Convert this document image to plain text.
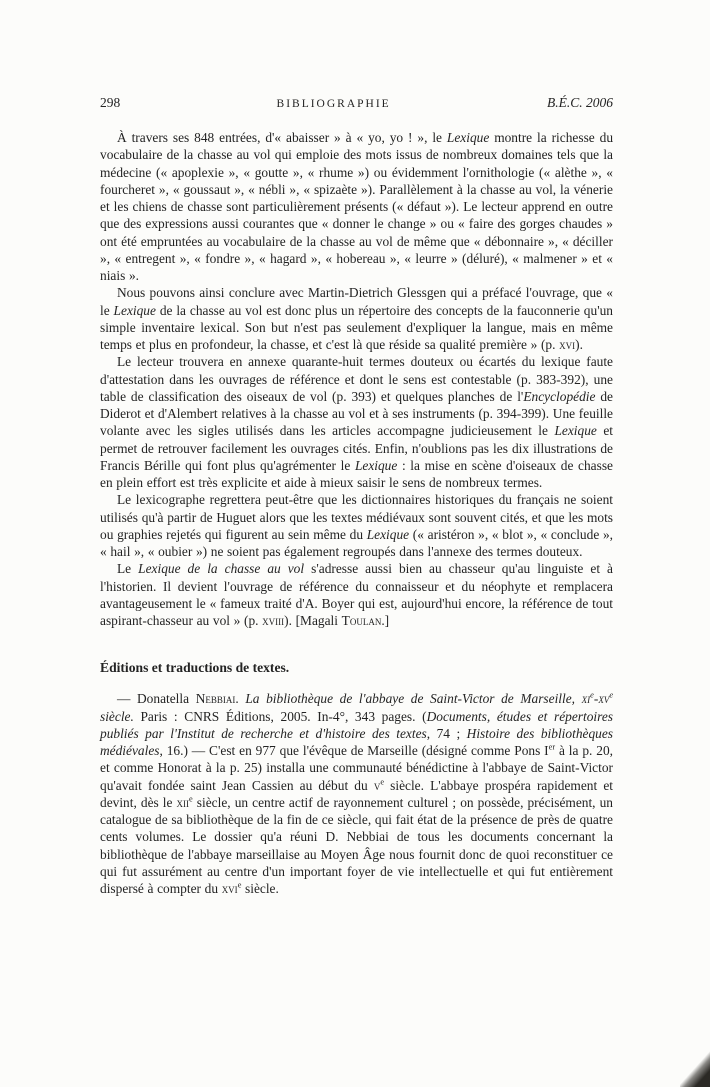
298	BIBLIOGRAPHIE	B.É.C. 2006

À travers ses 848 entrées, d'« abaisser » à « yo, yo ! », le Lexique montre la richesse du vocabulaire de la chasse au vol qui emploie des mots issus de nombreux domaines tels que la médecine (« apoplexie », « goutte », « rhume ») ou évidemment l'ornithologie (« alèthe », « fourcheret », « goussaut », « nébli », « spizaète »). Parallèlement à la chasse au vol, la vénerie et les chiens de chasse sont particulièrement présents (« défaut »). Le lecteur apprend en outre que des expressions aussi courantes que « donner le change » ou « faire des gorges chaudes » ont été empruntées au vocabulaire de la chasse au vol de même que « débonnaire », « déciller », « entregent », « fondre », « hagard », « hobereau », « leurre » (déluré), « malmener » et « niais ».

Nous pouvons ainsi conclure avec Martin-Dietrich Glessgen qui a préfacé l'ouvrage, que « le Lexique de la chasse au vol est donc plus un répertoire des concepts de la fauconnerie qu'un simple inventaire lexical. Son but n'est pas seulement d'expliquer la langue, mais en même temps et plus en profondeur, la chasse, et c'est là que réside sa qualité première » (p. xvi).

Le lecteur trouvera en annexe quarante-huit termes douteux ou écartés du lexique faute d'attestation dans les ouvrages de référence et dont le sens est contestable (p. 383-392), une table de classification des oiseaux de vol (p. 393) et quelques planches de l'Encyclopédie de Diderot et d'Alembert relatives à la chasse au vol et à ses instruments (p. 394-399). Une feuille volante avec les sigles utilisés dans les articles accompagne judicieusement le Lexique et permet de retrouver facilement les ouvrages cités. Enfin, n'oublions pas les dix illustrations de Francis Bérille qui font plus qu'agrémenter le Lexique : la mise en scène d'oiseaux de chasse en plein effort est très explicite et aide à mieux saisir le sens de nombreux termes.

Le lexicographe regrettera peut-être que les dictionnaires historiques du français ne soient utilisés qu'à partir de Huguet alors que les textes médiévaux sont souvent cités, et que les mots ou graphies rejetés qui figurent au sein même du Lexique (« aristéron », « blot », « conclude », « hail », « oubier ») ne soient pas également regroupés dans l'annexe des termes douteux.

Le Lexique de la chasse au vol s'adresse aussi bien au chasseur qu'au linguiste et à l'historien. Il devient l'ouvrage de référence du connaisseur et du néophyte et remplacera avantageusement le « fameux traité d'A. Boyer qui est, aujourd'hui encore, la référence de tout aspirant-chasseur au vol » (p. xviii). [Magali Toulan.]

Éditions et traductions de textes.

— Donatella Nebbiai. La bibliothèque de l'abbaye de Saint-Victor de Marseille, $xi^e-xv^e$ siècle. Paris : CNRS Éditions, 2005. In-4°, 343 pages. (Documents, études et répertoires publiés par l'Institut de recherche et d'histoire des textes, 74 ; Histoire des bibliothèques médiévales, 16.) — C'est en 977 que l'évêque de Marseille (désigné comme Pons Ier à la p. 20, et comme Honorat à la p. 25) installa une communauté bénédictine à l'abbaye de Saint-Victor qu'avait fondée saint Jean Cassien au début du $v^e$ siècle. L'abbaye prospéra rapidement et devint, dès le xii$^e$ siècle, un centre actif de rayonnement culturel ; on possède, précisément, un catalogue de sa bibliothèque de la fin de ce siècle, qui fait état de la présence de près de quatre cents volumes. Le dossier qu'a réuni D. Nebbiai de tous les documents concernant la bibliothèque de l'abbaye marseillaise au Moyen Âge nous fournit donc de quoi reconstituer ce qui fut assurément au centre d'un important foyer de vie intellectuelle et qui fut entièrement dispersé à compter du xvi$^e$ siècle.
